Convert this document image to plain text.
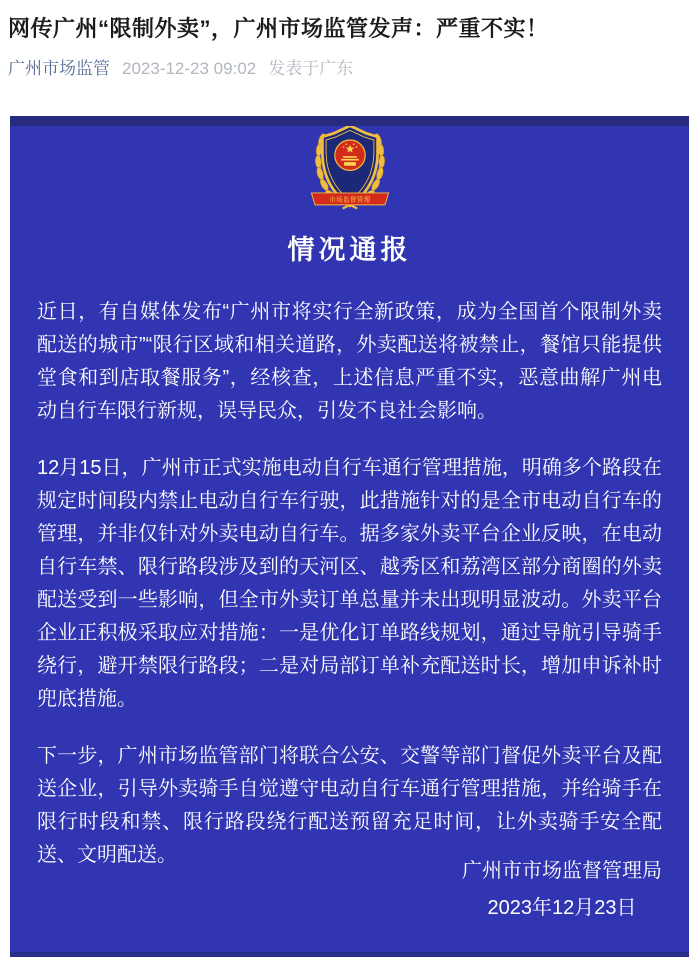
网传广州“限制外卖”，广州市场监管发声：严重不实！
广州市场监管 2023-12-23 09:02 发表于广东
市场监督管理
情况通报

近日，有自媒体发布“广州市将实行全新政策，成为全国首个限制外卖配送的城市”“限行区域和相关道路，外卖配送将被禁止，餐馆只能提供堂食和到店取餐服务”，经核查，上述信息严重不实，恶意曲解广州电动自行车限行新规，误导民众，引发不良社会影响。

12月15日，广州市正式实施电动自行车通行管理措施，明确多个路段在规定时间段内禁止电动自行车行驶，此措施针对的是全市电动自行车的管理，并非仅针对外卖电动自行车。据多家外卖平台企业反映，在电动自行车禁、限行路段涉及到的天河区、越秀区和荔湾区部分商圈的外卖配送受到一些影响，但全市外卖订单总量并未出现明显波动。外卖平台企业正积极采取应对措施：一是优化订单路线规划，通过导航引导骑手绕行，避开禁限行路段；二是对局部订单补充配送时长，增加申诉补时兜底措施。

下一步，广州市场监管部门将联合公安、交警等部门督促外卖平台及配送企业，引导外卖骑手自觉遵守电动自行车通行管理措施，并给骑手在限行时段和禁、限行路段绕行配送预留充足时间，让外卖骑手安全配送、文明配送。

广州市市场监督管理局
2023年12月23日
